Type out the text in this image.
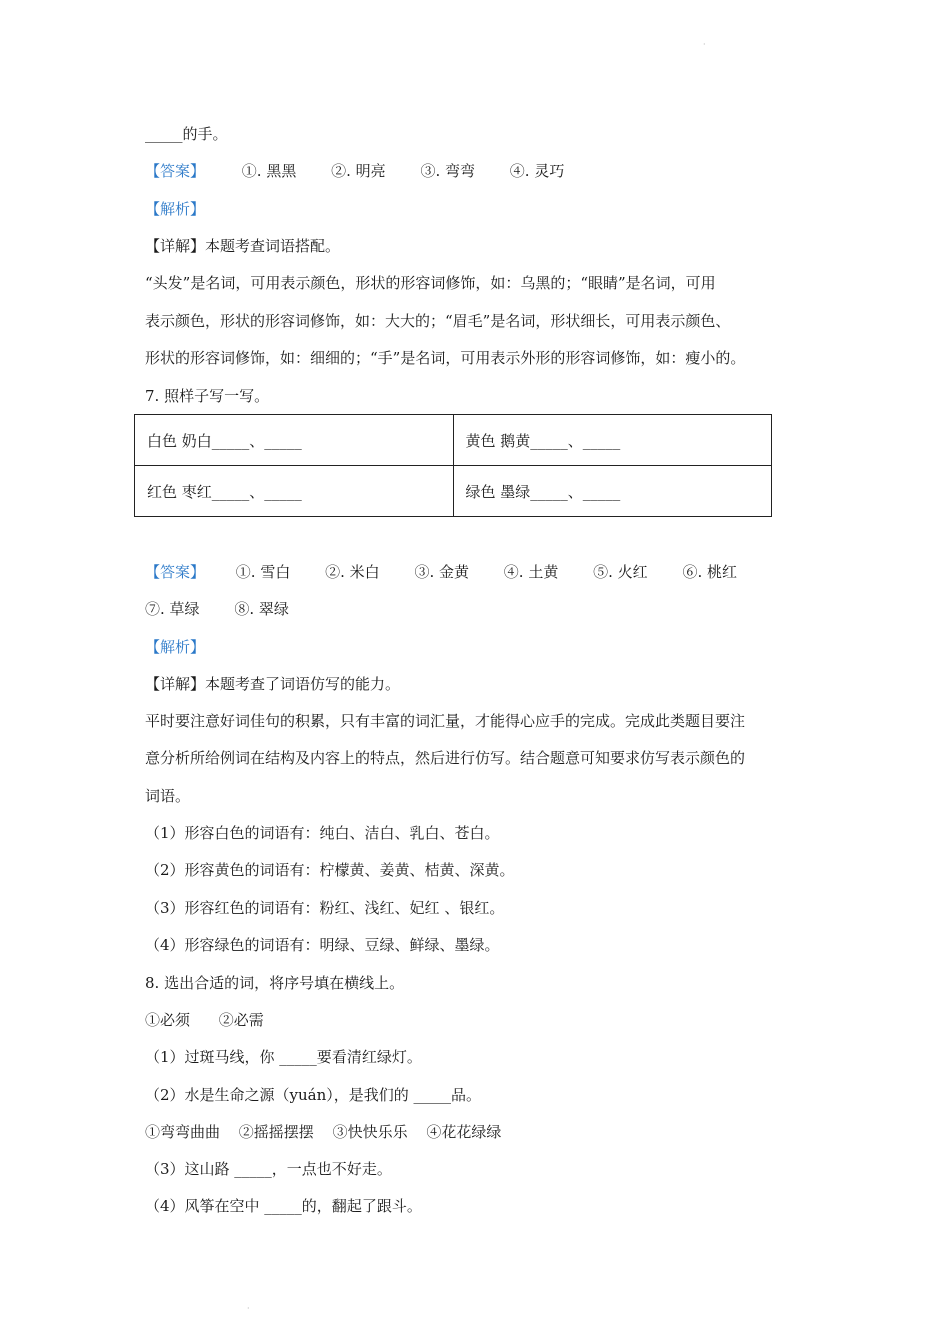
·
_____的手。
【答案】 ①. 黑黑 ②. 明亮 ③. 弯弯 ④. 灵巧
【解析】
【详解】本题考查词语搭配。
“头发”是名词，可用表示颜色，形状的形容词修饰，如：乌黑的；“眼睛”是名词，可用
表示颜色，形状的形容词修饰，如：大大的；“眉毛”是名词，形状细长，可用表示颜色、
形状的形容词修饰，如：细细的；“手”是名词，可用表示外形的形容词修饰，如：瘦小的。
7. 照样子写一写。
白色 奶白_____、_____	黄色 鹅黄_____、_____
红色 枣红_____、_____	绿色 墨绿_____、_____
【答案】 ①. 雪白 ②. 米白 ③. 金黄 ④. 土黄 ⑤. 火红 ⑥. 桃红
⑦. 草绿 ⑧. 翠绿
【解析】
【详解】本题考查了词语仿写的能力。
平时要注意好词佳句的积累，只有丰富的词汇量，才能得心应手的完成。完成此类题目要注
意分析所给例词在结构及内容上的特点，然后进行仿写。结合题意可知要求仿写表示颜色的
词语。
（1）形容白色的词语有：纯白、洁白、乳白、苍白。
（2）形容黄色的词语有：柠檬黄、姜黄、桔黄、深黄。
（3）形容红色的词语有：粉红、浅红、妃红 、银红。
（4）形容绿色的词语有：明绿、豆绿、鲜绿、墨绿。
8. 选出合适的词，将序号填在横线上。
①必须 ②必需
（1）过斑马线，你 _____要看清红绿灯。
（2）水是生命之源（yuán），是我们的 _____品。
①弯弯曲曲 ②摇摇摆摆 ③快快乐乐 ④花花绿绿
（3）这山路 _____，一点也不好走。
（4）风筝在空中 _____的，翻起了跟斗。
·
